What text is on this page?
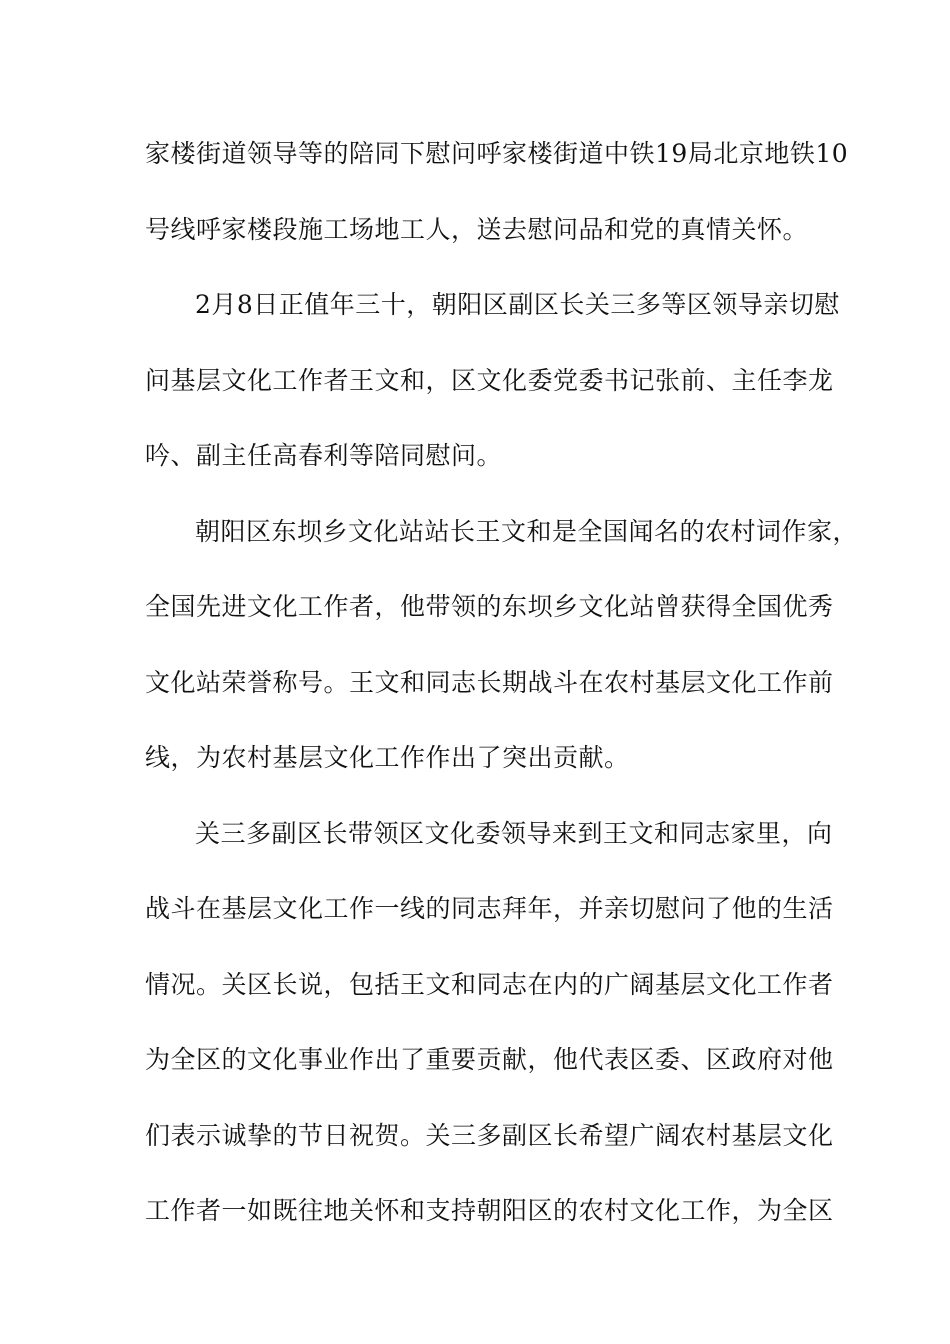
家楼街道领导等的陪同下慰问呼家楼街道中铁19局北京地铁10
号线呼家楼段施工场地工人，送去慰问品和党的真情关怀。
2月8日正值年三十，朝阳区副区长关三多等区领导亲切慰
问基层文化工作者王文和，区文化委党委书记张前、主任李龙
吟、副主任高春利等陪同慰问。
朝阳区东坝乡文化站站长王文和是全国闻名的农村词作家，
全国先进文化工作者，他带领的东坝乡文化站曾获得全国优秀
文化站荣誉称号。王文和同志长期战斗在农村基层文化工作前
线，为农村基层文化工作作出了突出贡献。
关三多副区长带领区文化委领导来到王文和同志家里，向
战斗在基层文化工作一线的同志拜年，并亲切慰问了他的生活
情况。关区长说，包括王文和同志在内的广阔基层文化工作者
为全区的文化事业作出了重要贡献，他代表区委、区政府对他
们表示诚挚的节日祝贺。关三多副区长希望广阔农村基层文化
工作者一如既往地关怀和支持朝阳区的农村文化工作，为全区
